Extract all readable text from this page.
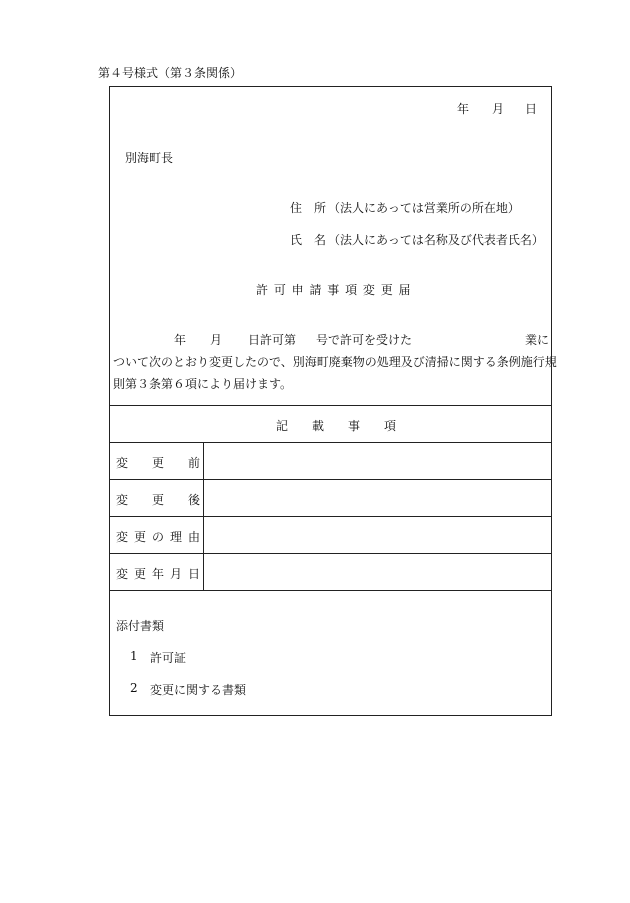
第４号様式（第３条関係）
年 月 日
別海町長
住　所 （法人にあっては営業所の所在地）
氏　名 （法人にあっては名称及び代表者氏名）
許 可 申 請 事 項 変 更 届
年 月 日許可第 号で許可を受けた	業に
ついて次のとおり変更したので、別海町廃棄物の処理及び清掃に関する条例施行規
則第３条第６項により届けます。
記　　載　　事　　項
変 更 前
変 更 後
変 更 の 理 由
変 更 年 月 日
添付書類
1 許可証
2 変更に関する書類
